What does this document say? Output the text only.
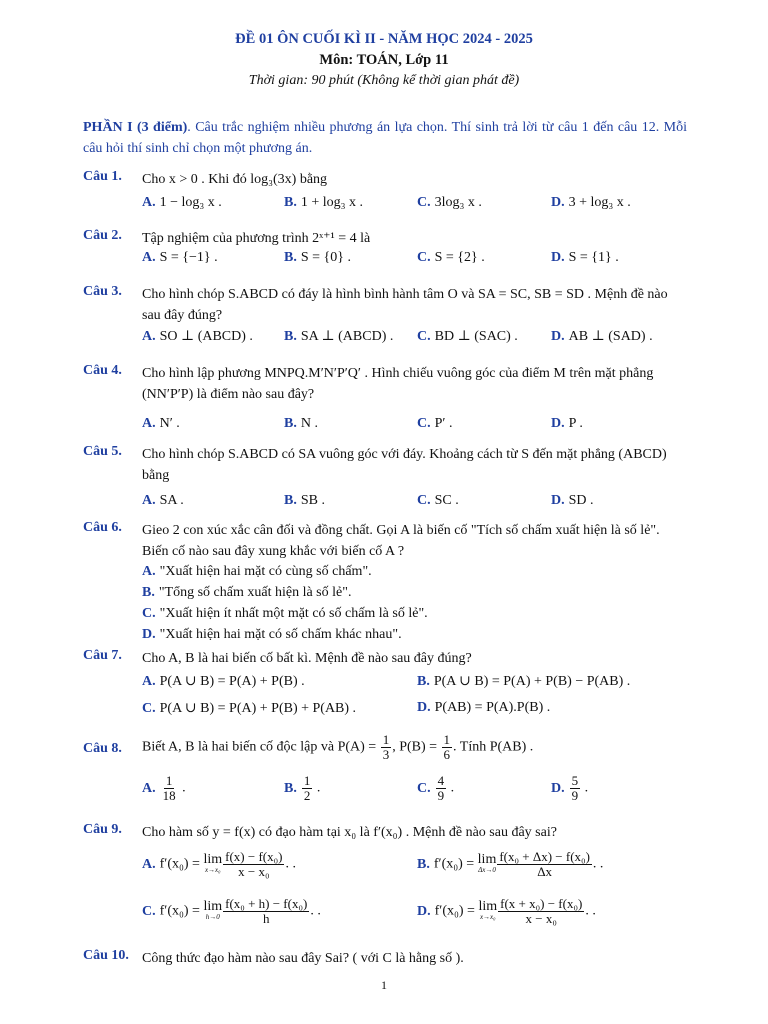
ĐỀ 01 ÔN CUỐI KÌ II - NĂM HỌC 2024 - 2025
Môn: TOÁN, Lớp 11
Thời gian: 90 phút (Không kể thời gian phát đề)
PHẦN I (3 điểm). Câu trắc nghiệm nhiều phương án lựa chọn. Thí sinh trả lời từ câu 1 đến câu 12. Mỗi câu hỏi thí sinh chỉ chọn một phương án.
Câu 1. Cho x > 0 . Khi đó log₃(3x) bằng
A. 1 − log₃ x .	B. 1 + log₃ x .	C. 3log₃ x .	D. 3 + log₃ x .
Câu 2. Tập nghiệm của phương trình 2ˣ⁺¹ = 4 là
A. S = {−1} .	B. S = {0} .	C. S = {2} .	D. S = {1} .
Câu 3. Cho hình chóp S.ABCD có đáy là hình bình hành tâm O và SA = SC, SB = SD . Mệnh đề nào sau đây đúng?
A. SO ⊥ (ABCD) . B. SA ⊥ (ABCD) . C. BD ⊥ (SAC) . D. AB ⊥ (SAD) .
Câu 4. Cho hình lập phương MNPQ.M′N′P′Q′ . Hình chiếu vuông góc của điểm M trên mặt phẳng (NN′P′P) là điểm nào sau đây?
A. N′ .	B. N .	C. P′ .	D. P .
Câu 5. Cho hình chóp S.ABCD có SA vuông góc với đáy. Khoảng cách từ S đến mặt phẳng (ABCD) bằng
A. SA .	B. SB .	C. SC .	D. SD .
Câu 6. Gieo 2 con xúc xắc cân đối và đồng chất. Gọi A là biến cố "Tích số chấm xuất hiện là số lẻ". Biến cố nào sau đây xung khắc với biến cố A ?
A. "Xuất hiện hai mặt có cùng số chấm".
B. "Tổng số chấm xuất hiện là số lẻ".
C. "Xuất hiện ít nhất một mặt có số chấm là số lẻ".
D. "Xuất hiện hai mặt có số chấm khác nhau".
Câu 7. Cho A, B là hai biến cố bất kì. Mệnh đề nào sau đây đúng?
A. P(A ∪ B) = P(A) + P(B) .	B. P(A ∪ B) = P(A) + P(B) − P(AB) .
C. P(A ∪ B) = P(A) + P(B) + P(AB) .	D. P(AB) = P(A).P(B) .
Câu 8. Biết A, B là hai biến cố độc lập và $P(A) = \frac{1}{3}$ , $P(B) = \frac{1}{6}$ . Tính P(AB) .
A. $\frac{1}{18}$ .	B. $\frac{1}{2}$ .	C. $\frac{4}{9}$ .	D. $\frac{5}{9}$ .
Câu 9. Cho hàm số y = f(x) có đạo hàm tại x₀ là f′(x₀) . Mệnh đề nào sau đây sai?
A. f′(x₀) = lim
$x\to x_0 \frac{\text{f(x) − f(x₀)}}{\text{x − x₀}}$ . .	B. f′(x₀) = lim
$\Delta x\to 0 \frac{\text{f(x₀ + Δx) − f(x₀)}}{\Delta x}$ . .
C. f′(x₀) = lim
$h\to 0 \frac{\text{f(x₀ + h) − f(x₀)}}{h}$ . .	D. f′(x₀) = lim
$x\to x_0 \frac{\text{f(x + x₀) − f(x₀)}}{\text{x − x₀}}$ . .
Câu 10. Công thức đạo hàm nào sau đây Sai? ( với C là hằng số ).
1
